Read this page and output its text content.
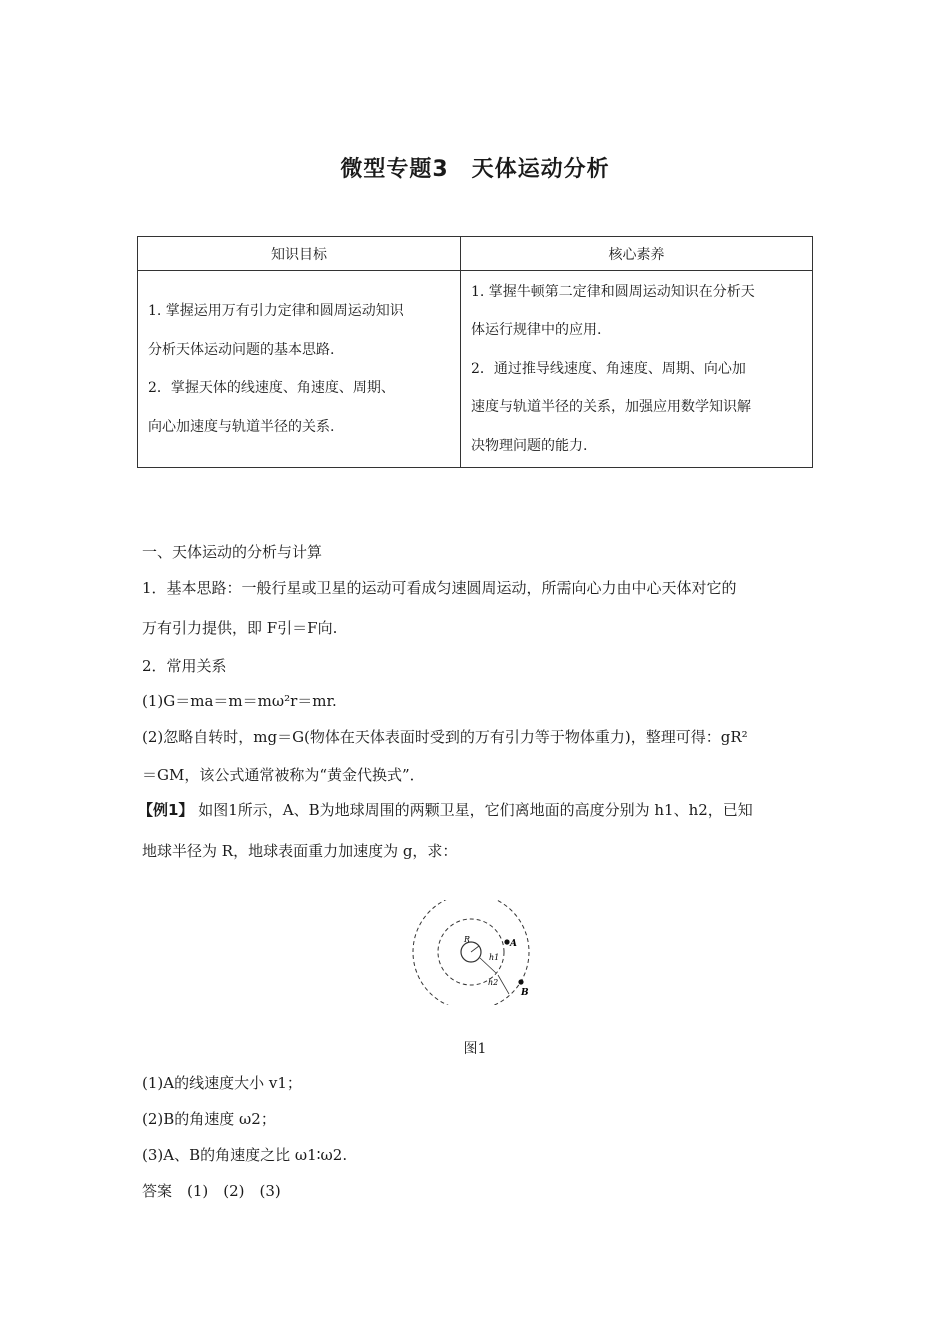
微型专题3　天体运动分析
知识目标	核心素养

1. 掌握运用万有引力定律和圆周运动知识
分析天体运动问题的基本思路.
2．掌握天体的线速度、角速度、周期、
向心加速度与轨道半径的关系.	1. 掌握牛顿第二定律和圆周运动知识在分析天
体运行规律中的应用.
2．通过推导线速度、角速度、周期、向心加
速度与轨道半径的关系，加强应用数学知识解
决物理问题的能力.
一、天体运动的分析与计算
1．基本思路：一般行星或卫星的运动可看成匀速圆周运动，所需向心力由中心天体对它的
万有引力提供，即 F引＝F向.
2．常用关系
(1)G＝ma＝m＝mω²r＝mr.
(2)忽略自转时，mg＝G(物体在天体表面时受到的万有引力等于物体重力)，整理可得：gR²
＝GM，该公式通常被称为“黄金代换式”．
【例1】 如图1所示，A、B为地球周围的两颗卫星，它们离地面的高度分别为 h1、h2，已知
地球半径为 R，地球表面重力加速度为 g，求：
R
h1
h2
A
B
图1
(1)A的线速度大小 v1；
(2)B的角速度 ω2；
(3)A、B的角速度之比 ω1∶ω2.
答案　(1)　(2)　(3)
